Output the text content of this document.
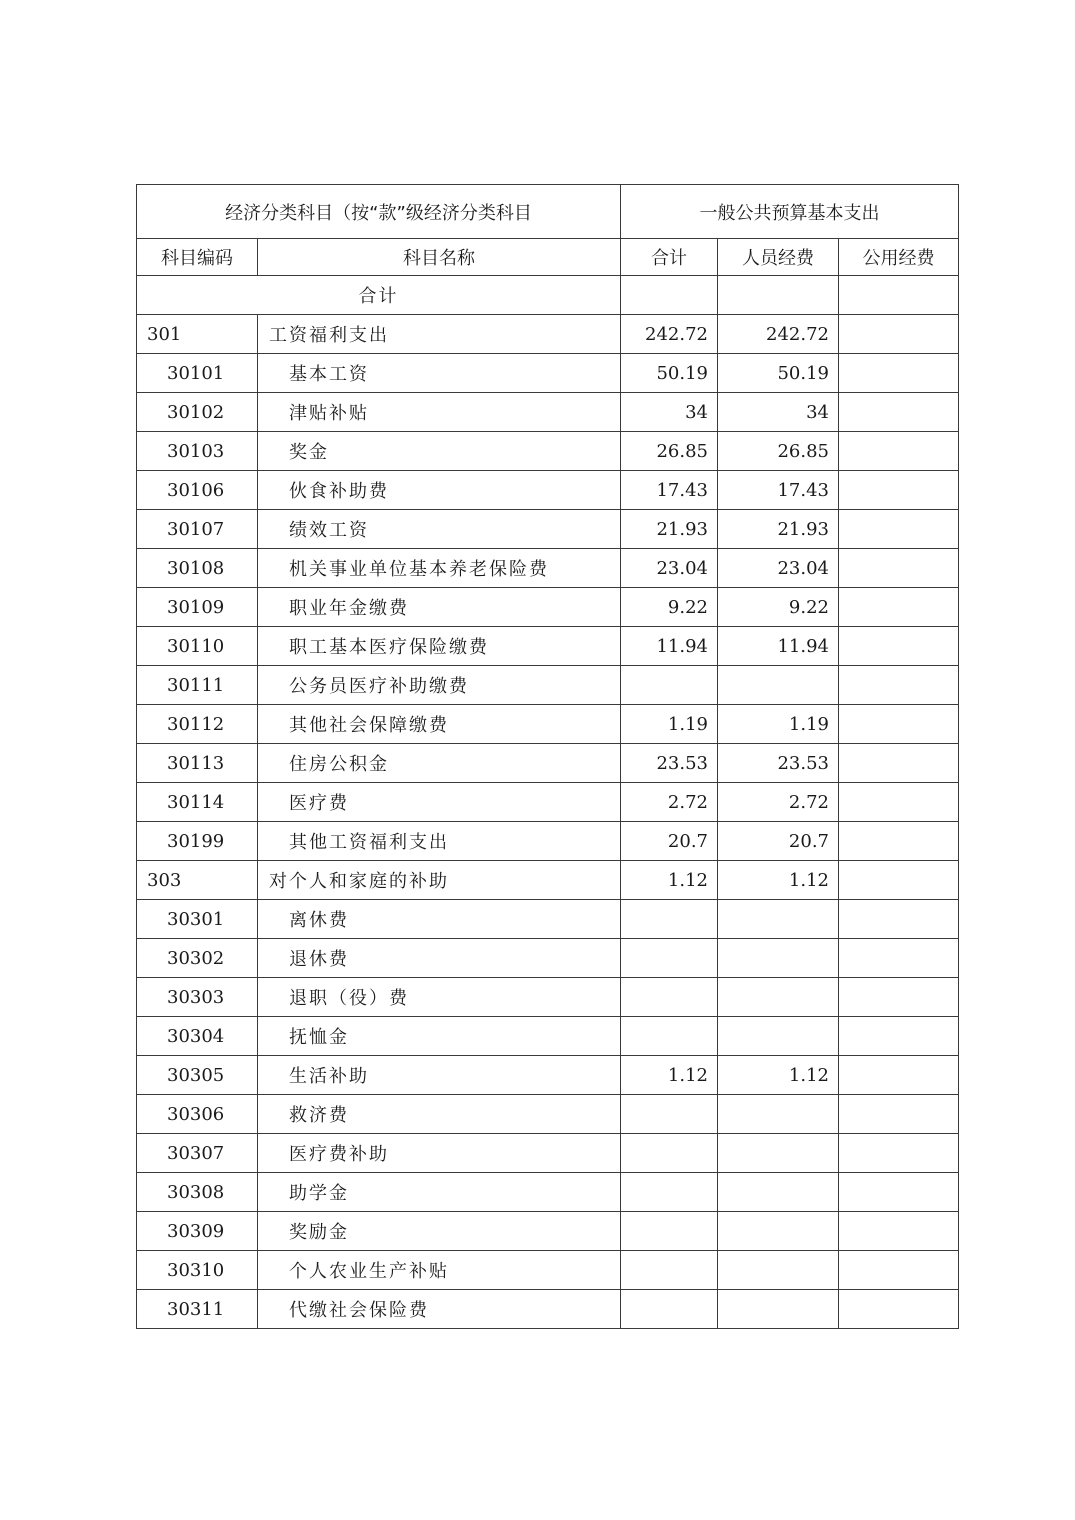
经济分类科目（按“款”级经济分类科目		一般公共预算基本支出		
科目编码	科目名称	合计	人员经费	公用经费
合计				
301	工资福利支出	242.72	242.72	
30101	基本工资	50.19	50.19	
30102	津贴补贴	34	34	
30103	奖金	26.85	26.85	
30106	伙食补助费	17.43	17.43	
30107	绩效工资	21.93	21.93	
30108	机关事业单位基本养老保险费	23.04	23.04	
30109	职业年金缴费	9.22	9.22	
30110	职工基本医疗保险缴费	11.94	11.94	
30111	公务员医疗补助缴费			
30112	其他社会保障缴费	1.19	1.19	
30113	住房公积金	23.53	23.53	
30114	医疗费	2.72	2.72	
30199	其他工资福利支出	20.7	20.7	
303	对个人和家庭的补助	1.12	1.12	
30301	离休费			
30302	退休费			
30303	退职（役）费			
30304	抚恤金			
30305	生活补助	1.12	1.12	
30306	救济费			
30307	医疗费补助			
30308	助学金			
30309	奖励金			
30310	个人农业生产补贴			
30311	代缴社会保险费			
